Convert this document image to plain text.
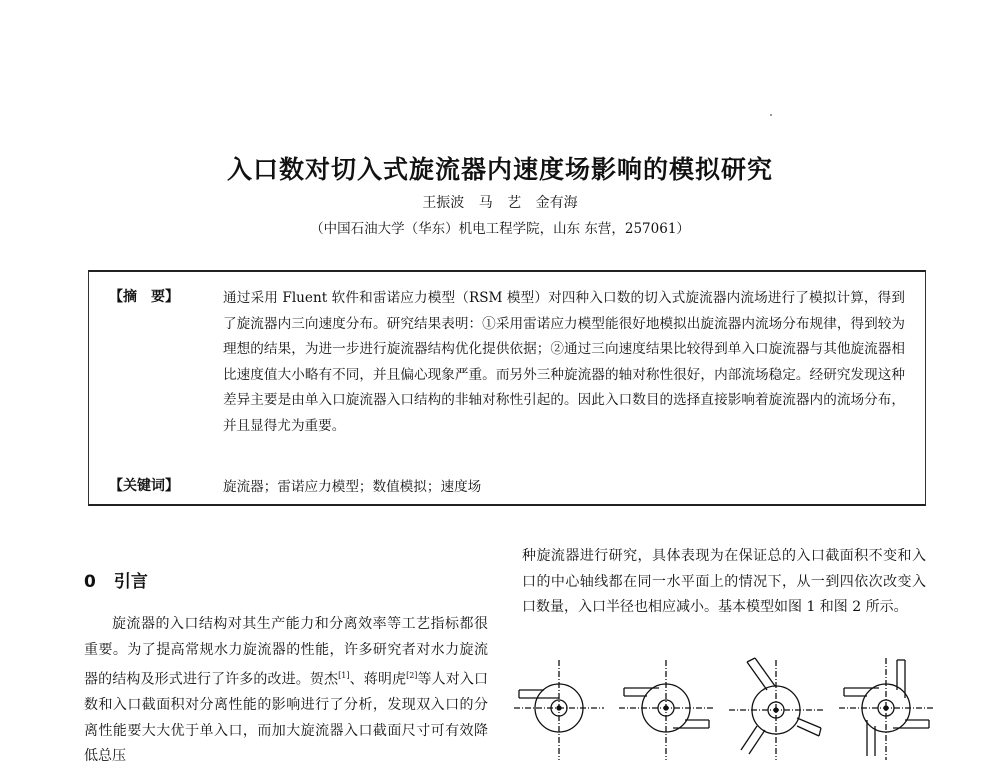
入口数对切入式旋流器内速度场影响的模拟研究

王振波 马 艺 金有海

（中国石油大学（华东）机电工程学院，山东 东营，257061）

【摘　要】	通过采用 Fluent 软件和雷诺应力模型（RSM 模型）对四种入口数的切入式旋流器内流场进行了模拟计算，得到了旋流器内三向速度分布。研究结果表明：①采用雷诺应力模型能很好地模拟出旋流器内流场分布规律，得到较为理想的结果，为进一步进行旋流器结构优化提供依据；②通过三向速度结果比较得到单入口旋流器与其他旋流器相比速度值大小略有不同，并且偏心现象严重。而另外三种旋流器的轴对称性很好，内部流场稳定。经研究发现这种差异主要是由单入口旋流器入口结构的非轴对称性引起的。因此入口数目的选择直接影响着旋流器内的流场分布，并且显得尤为重要。

【关键词】	旋流器；雷诺应力模型；数值模拟；速度场

0 引言

旋流器的入口结构对其生产能力和分离效率等工艺指标都很重要。为了提高常规水力旋流器的性能，许多研究者对水力旋流器的结构及形式进行了许多的改进。贺杰[1]、蒋明虎[2]等人对入口数和入口截面积对分离性能的影响进行了分析，发现双入口的分离性能要大大优于单入口，而加大旋流器入口截面尺寸可有效降低总压

种旋流器进行研究，具体表现为在保证总的入口截面积不变和入口的中心轴线都在同一水平面上的情况下，从一到四依次改变入口数量，入口半径也相应减小。基本模型如图 1 和图 2 所示。
